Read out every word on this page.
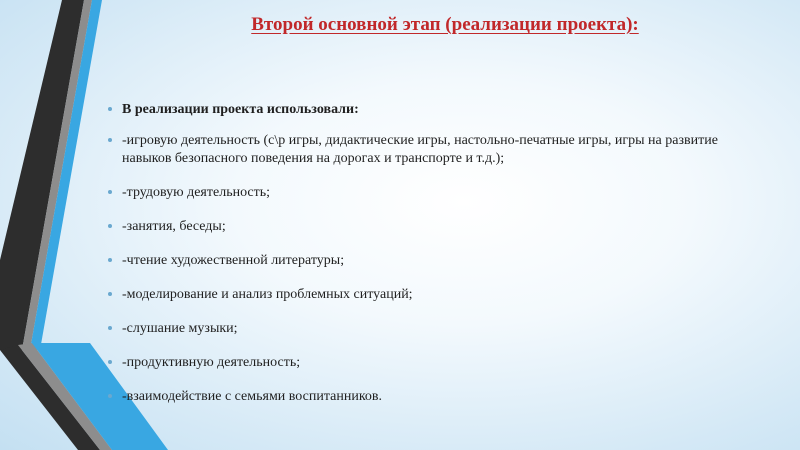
Второй основной этап (реализации проекта):
В реализации проекта использовали:
-игровую деятельность (с\р игры, дидактические игры, настольно-печатные игры, игры на развитие навыков безопасного поведения на дорогах и транспорте и т.д.);
-трудовую деятельность;
-занятия, беседы;
-чтение художественной литературы;
-моделирование и анализ проблемных ситуаций;
-слушание музыки;
-продуктивную деятельность;
-взаимодействие с семьями воспитанников.
